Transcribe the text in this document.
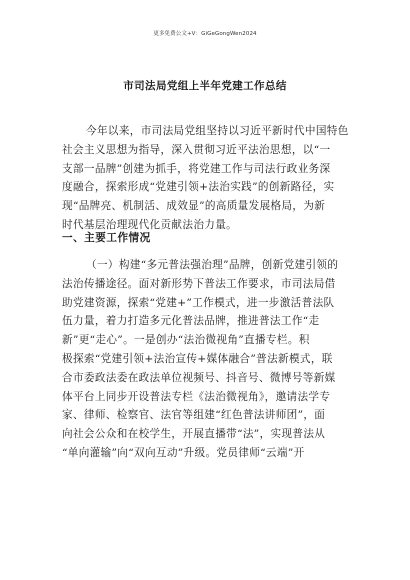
更多免费公文+V：GiGeGongWen2024
市司法局党组上半年党建工作总结
今年以来，市司法局党组坚持以习近平新时代中国特色
社会主义思想为指导，深入贯彻习近平法治思想，以“一
支部一品牌”创建为抓手，将党建工作与司法行政业务深
度融合，探索形成“党建引领+法治实践”的创新路径，实
现“品牌亮、机制活、成效显”的高质量发展格局，为新
时代基层治理现代化贡献法治力量。
一、主要工作情况
（一）构建“多元普法强治理”品牌，创新党建引领的
法治传播途径。面对新形势下普法工作要求，市司法局借
助党建资源，探索“党建+”工作模式，进一步激活普法队
伍力量，着力打造多元化普法品牌，推进普法工作“走
新”更“走心”。一是创办“法治微视角”直播专栏。积
极探索“党建引领+法治宣传+媒体融合”普法新模式，联
合市委政法委在政法单位视频号、抖音号、微博号等新媒
体平台上同步开设普法专栏《法治微视角》，邀请法学专
家、律师、检察官、法官等组建“红色普法讲师团”，面
向社会公众和在校学生，开展直播带“法”，实现普法从
“单向灌输”向“双向互动”升级。党员律师“云端”开
